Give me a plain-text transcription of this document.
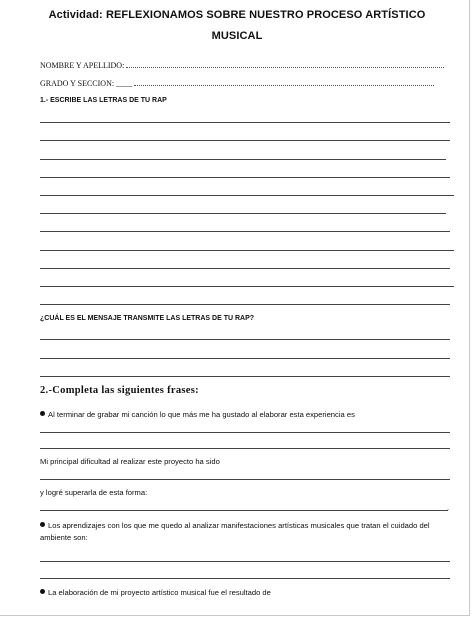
Actividad: REFLEXIONAMOS SOBRE NUESTRO PROCESO ARTÍSTICO
MUSICAL
NOMBRE Y APELLIDO:
GRADO Y SECCION: ____
1.- ESCRIBE LAS LETRAS DE TU RAP
¿CUÁL ES EL MENSAJE TRANSMITE LAS LETRAS DE TU RAP?
2.-Completa las siguientes frases:
Al terminar de grabar mi canción lo que más me ha gustado al elaborar esta experiencia es
Mi principal dificultad al realizar este proyecto ha sido
y logré superarla de esta forma:
.
Los aprendizajes con los que me quedo al analizar manifestaciones artísticas musicales que tratan el cuidado del ambiente son:
La elaboración de mi proyecto artístico musical fue el resultado de
